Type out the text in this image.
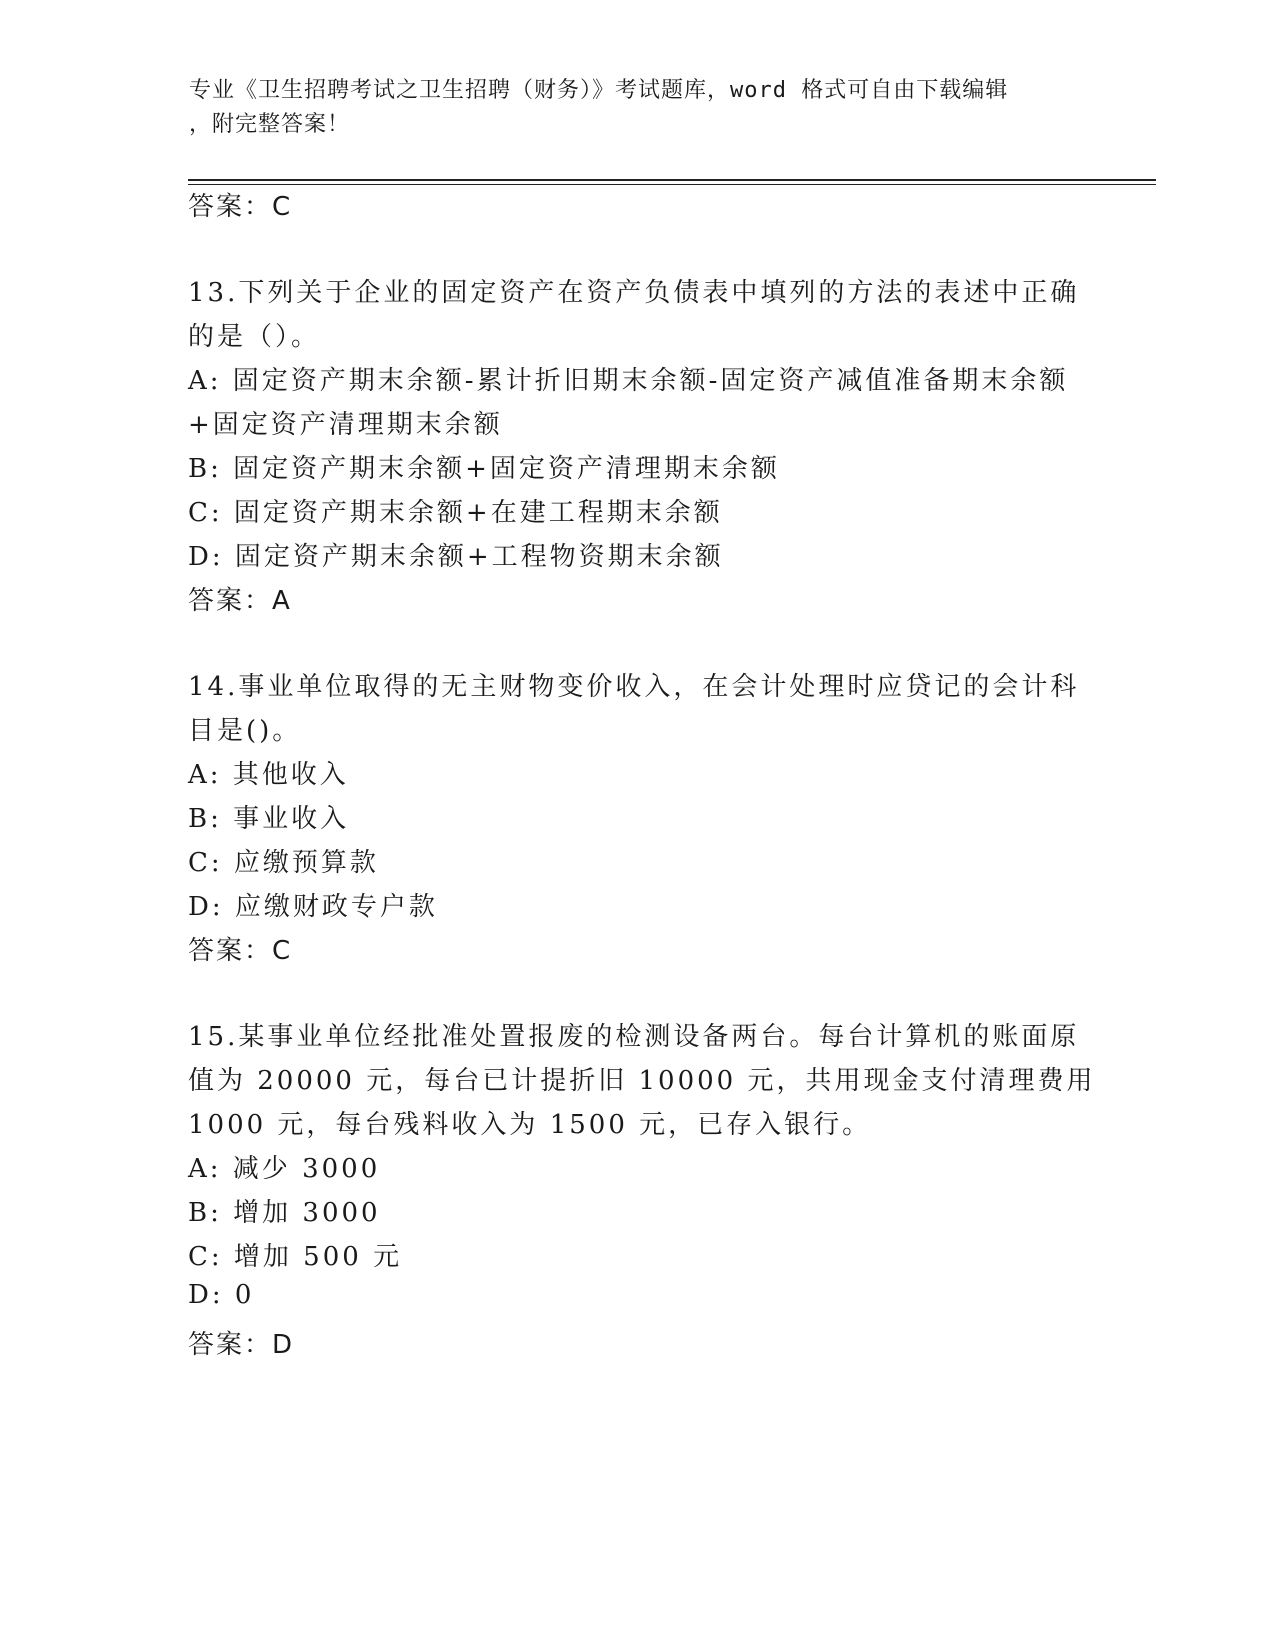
专业《卫生招聘考试之卫生招聘（财务）》考试题库，word 格式可自由下载编辑
，附完整答案！
答案：C
13.下列关于企业的固定资产在资产负债表中填列的方法的表述中正确
的是（）。
A: 固定资产期末余额-累计折旧期末余额-固定资产减值准备期末余额
+固定资产清理期末余额
B: 固定资产期末余额+固定资产清理期末余额
C: 固定资产期末余额+在建工程期末余额
D: 固定资产期末余额+工程物资期末余额
答案：A
14.事业单位取得的无主财物变价收入，在会计处理时应贷记的会计科
目是()。
A: 其他收入
B: 事业收入
C: 应缴预算款
D: 应缴财政专户款
答案：C
15.某事业单位经批准处置报废的检测设备两台。每台计算机的账面原
值为 20000 元，每台已计提折旧 10000 元，共用现金支付清理费用
1000 元，每台残料收入为 1500 元，已存入银行。
A: 减少 3000
B: 增加 3000
C: 增加 500 元
D: 0
答案：D
